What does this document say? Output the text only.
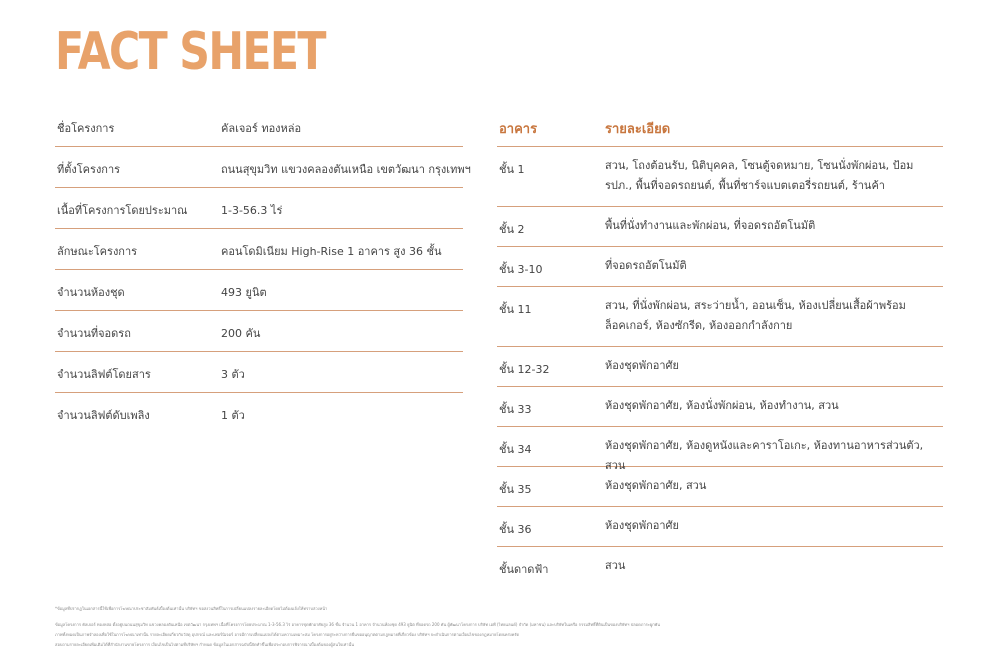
FACT SHEET
ชื่อโครงการ	คัลเจอร์ ทองหล่อ
ที่ตั้งโครงการ	ถนนสุขุมวิท แขวงคลองตันเหนือ เขตวัฒนา กรุงเทพฯ
เนื้อที่โครงการโดยประมาณ	1-3-56.3 ไร่
ลักษณะโครงการ	คอนโดมิเนียม High-Rise 1 อาคาร สูง 36 ชั้น
จำนวนห้องชุด	493 ยูนิต
จำนวนที่จอดรถ	200 คัน
จำนวนลิฟต์โดยสาร	3 ตัว
จำนวนลิฟต์ดับเพลิง	1 ตัว
อาคาร	รายละเอียด
ชั้น 1	สวน, โถงต้อนรับ, นิติบุคคล, โซนตู้จดหมาย, โซนนั่งพักผ่อน, ป้อม รปภ., พื้นที่จอดรถยนต์, พื้นที่ชาร์จแบตเตอรี่รถยนต์, ร้านค้า
ชั้น 2	พื้นที่นั่งทำงานและพักผ่อน, ที่จอดรถอัตโนมัติ
ชั้น 3-10	ที่จอดรถอัตโนมัติ
ชั้น 11	สวน, ที่นั่งพักผ่อน, สระว่ายน้ำ, ออนเซ็น, ห้องเปลี่ยนเสื้อผ้าพร้อมล็อคเกอร์, ห้องซักรีด, ห้องออกกำลังกาย
ชั้น 12-32	ห้องชุดพักอาศัย
ชั้น 33	ห้องชุดพักอาศัย, ห้องนั่งพักผ่อน, ห้องทำงาน, สวน
ชั้น 34	ห้องชุดพักอาศัย, ห้องดูหนังและคาราโอเกะ, ห้องทานอาหารส่วนตัว, สวน
ชั้น 35	ห้องชุดพักอาศัย, สวน
ชั้น 36	ห้องชุดพักอาศัย
ชั้นดาดฟ้า	สวน
*ข้อมูลที่ปรากฏในเอกสารนี้ใช้เพื่อการโฆษณาประชาสัมพันธ์เบื้องต้นเท่านั้น บริษัทฯ ขอสงวนสิทธิ์ในการเปลี่ยนแปลงรายละเอียดโดยไม่ต้องแจ้งให้ทราบล่วงหน้า
ข้อมูลโครงการ คัลเจอร์ ทองหล่อ ตั้งอยู่บนถนนสุขุมวิท แขวงคลองตันเหนือ เขตวัฒนา กรุงเทพฯ เนื้อที่โครงการโดยประมาณ 1-3-56.3 ไร่ อาคารชุดพักอาศัยสูง 36 ชั้น จำนวน 1 อาคาร จำนวนห้องชุด 493 ยูนิต ที่จอดรถ 200 คัน ผู้พัฒนาโครงการ บริษัท เอพี (ไทยแลนด์) จำกัด (มหาชน) และบริษัทในเครือ กรรมสิทธิ์ที่ดินเป็นของบริษัทฯ ปลอดภาระผูกพัน
ภาพทั้งหมดเป็นภาพจำลองเพื่อใช้ในการโฆษณาเท่านั้น รายละเอียดเกี่ยวกับวัสดุ อุปกรณ์ และเฟอร์นิเจอร์ อาจมีการเปลี่ยนแปลงได้ตามความเหมาะสม โครงการอยู่ระหว่างการยื่นขออนุญาตตามกฎหมายที่เกี่ยวข้อง บริษัทฯ จะดำเนินการตามเงื่อนไขของกฎหมายโดยเคร่งครัด
สอบถามรายละเอียดเพิ่มเติมได้ที่สำนักงานขายโครงการ เงื่อนไขเป็นไปตามที่บริษัทฯ กำหนด ข้อมูลในเอกสารฉบับนี้จัดทำขึ้นเพื่อประกอบการพิจารณาเบื้องต้นของผู้สนใจเท่านั้น
